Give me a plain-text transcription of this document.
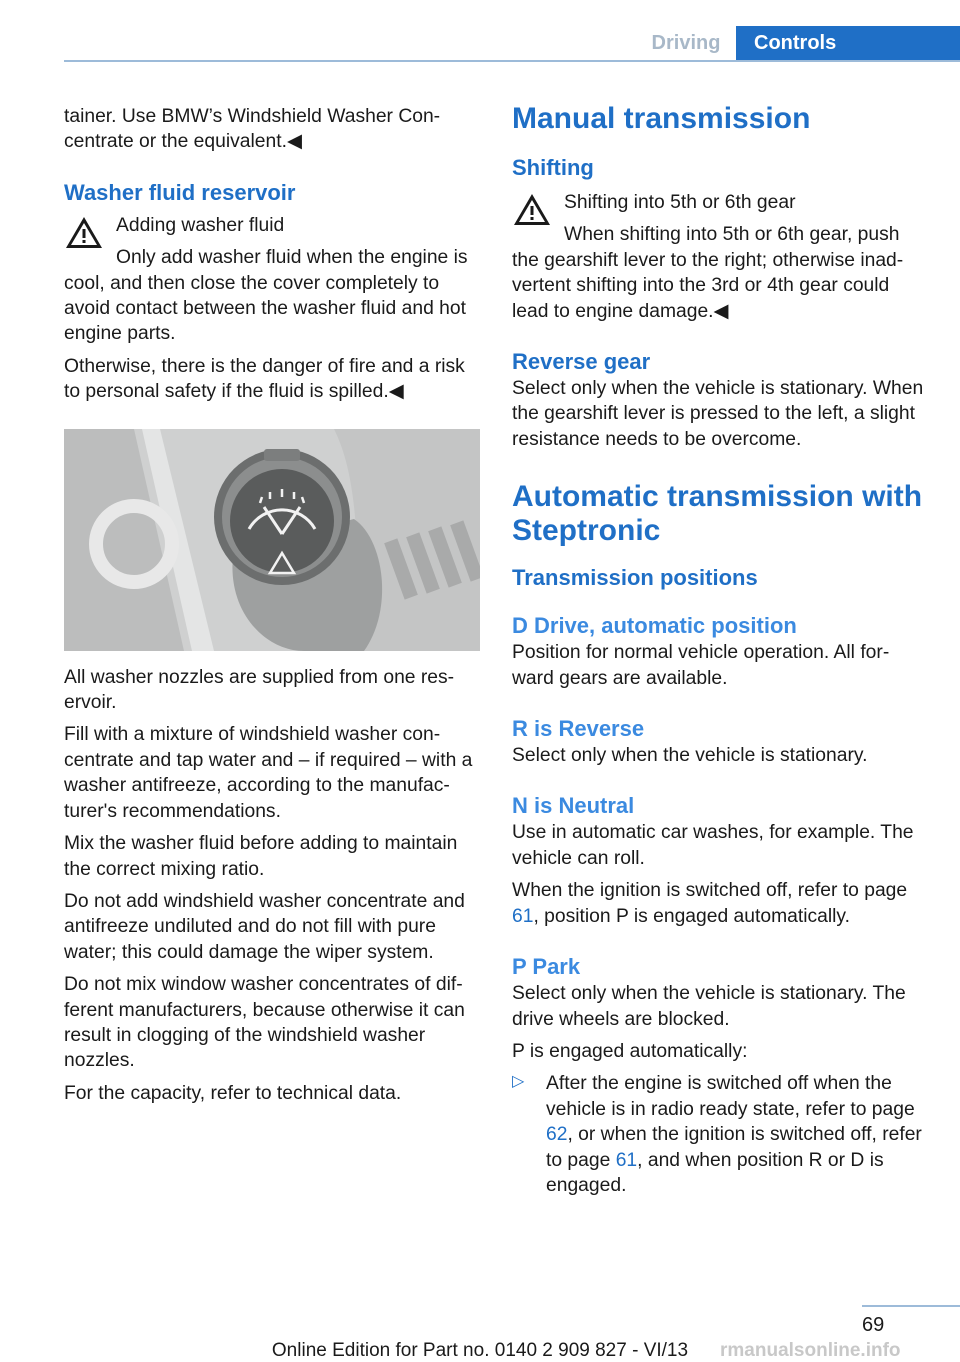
Driving	Controls

tainer. Use BMW’s Windshield Washer Con‐centrate or the equivalent.◀

Washer fluid reservoir

Adding washer fluid

Only add washer fluid when the engine is cool, and then close the cover completely to avoid contact between the washer fluid and hot engine parts.

Otherwise, there is the danger of fire and a risk to personal safety if the fluid is spilled.◀

All washer nozzles are supplied from one res‐ervoir.

Fill with a mixture of windshield washer con‐centrate and tap water and – if required – with a washer antifreeze, according to the manufac‐turer's recommendations.

Mix the washer fluid before adding to maintain the correct mixing ratio.

Do not add windshield washer concentrate and antifreeze undiluted and do not fill with pure water; this could damage the wiper system.

Do not mix window washer concentrates of dif‐ferent manufacturers, because otherwise it can result in clogging of the windshield washer nozzles.

For the capacity, refer to technical data.

Manual transmission
Shifting

Shifting into 5th or 6th gear

When shifting into 5th or 6th gear, push the gearshift lever to the right; otherwise inad‐vertent shifting into the 3rd or 4th gear could lead to engine damage.◀

Reverse gear

Select only when the vehicle is stationary. When the gearshift lever is pressed to the left, a slight resistance needs to be overcome.

Automatic transmission with Steptronic
Transmission positions
D Drive, automatic position

Position for normal vehicle operation. All for‐ward gears are available.

R is Reverse

Select only when the vehicle is stationary.

N is Neutral

Use in automatic car washes, for example. The vehicle can roll.

When the ignition is switched off, refer to page 61, position P is engaged automatically.

P Park

Select only when the vehicle is stationary. The drive wheels are blocked.

P is engaged automatically:

▷ After the engine is switched off when the vehicle is in radio ready state, refer to page 62, or when the ignition is switched off, refer to page 61, and when position R or D is engaged.

69
Online Edition for Part no. 0140 2 909 827 - VI/13	rmanualsonline.info
